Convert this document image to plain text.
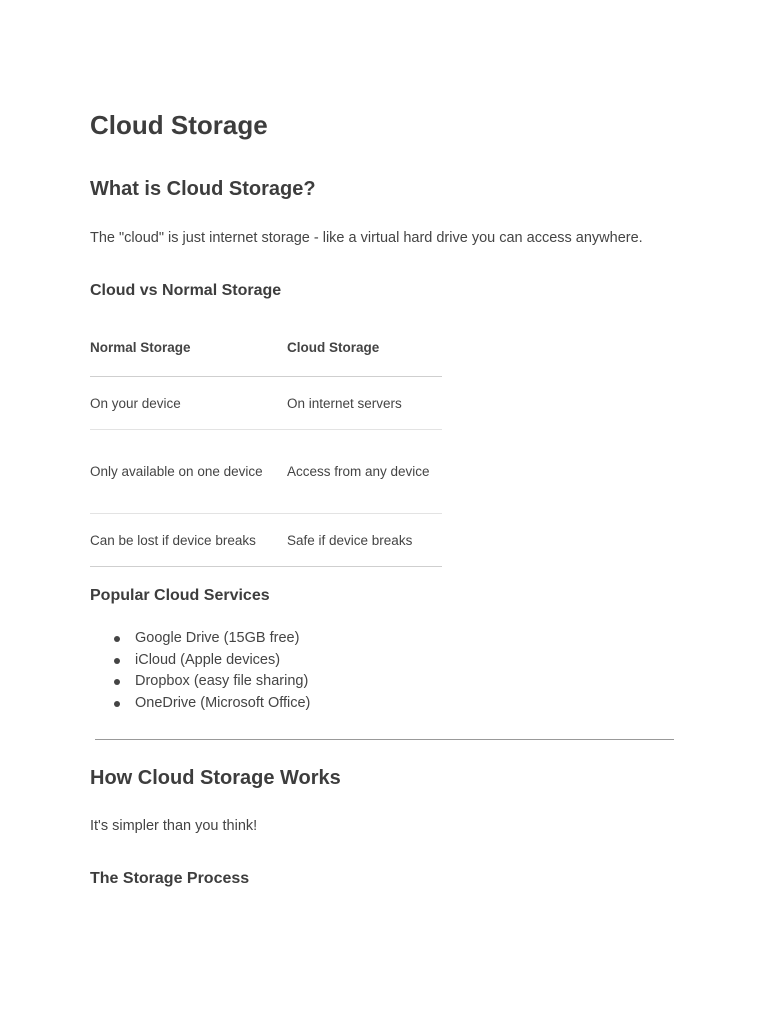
Cloud Storage
What is Cloud Storage?

The "cloud" is just internet storage - like a virtual hard drive you can access anywhere.

Cloud vs Normal Storage
Normal Storage	Cloud Storage
On your device	On internet servers
Only available on one device	Access from any device
Can be lost if device breaks	Safe if device breaks
Popular Cloud Services
Google Drive (15GB free)
iCloud (Apple devices)
Dropbox (easy file sharing)
OneDrive (Microsoft Office)
How Cloud Storage Works

It's simpler than you think!

The Storage Process
